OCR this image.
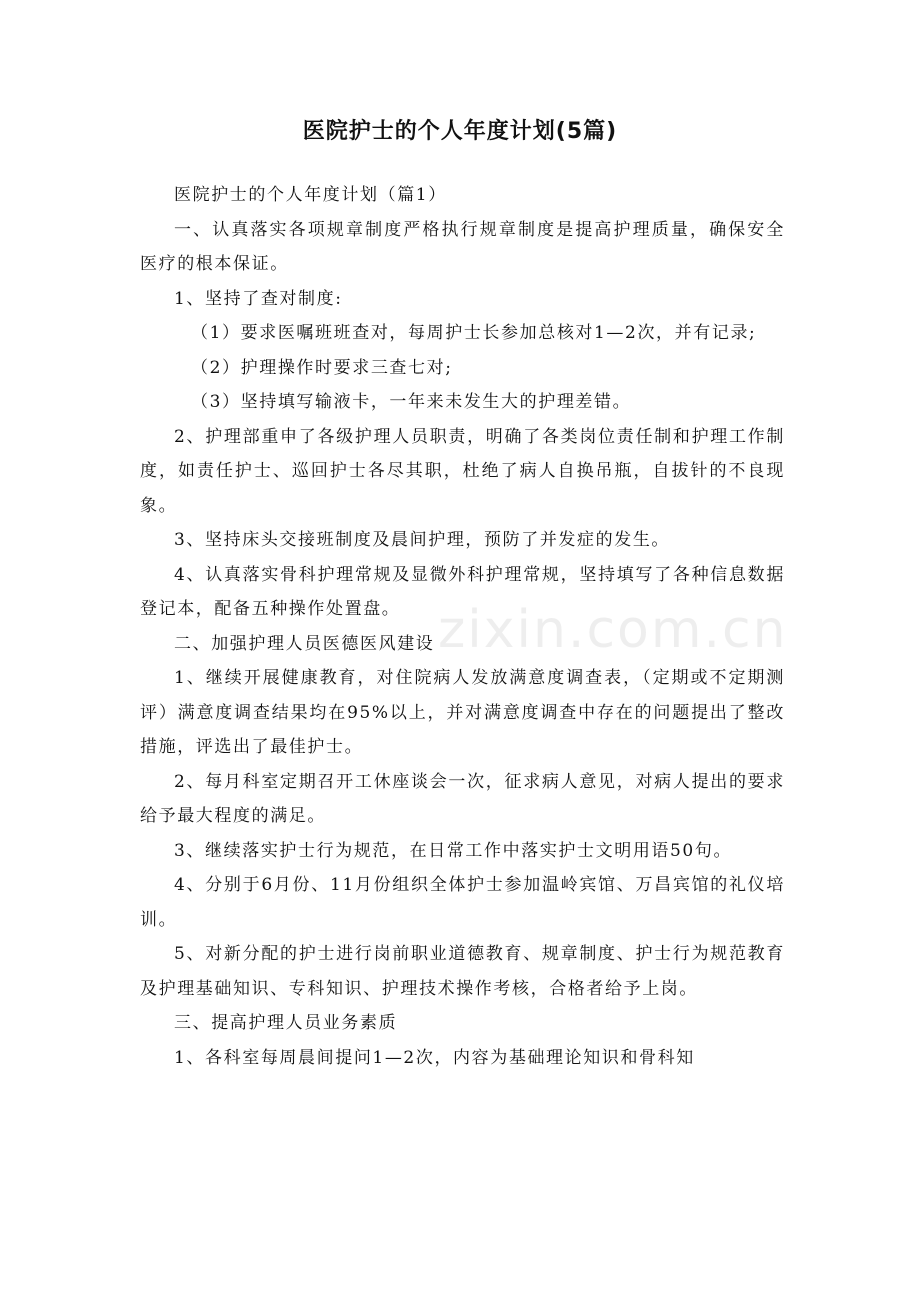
医院护士的个人年度计划(5篇)

医院护士的个人年度计划（篇1）

一、认真落实各项规章制度严格执行规章制度是提高护理质量，确保安全医疗的根本保证。

1、坚持了查对制度:

（1）要求医嘱班班查对，每周护士长参加总核对1—2次，并有记录;

（2）护理操作时要求三查七对;

（3）坚持填写输液卡，一年来未发生大的护理差错。

2、护理部重申了各级护理人员职责，明确了各类岗位责任制和护理工作制度，如责任护士、巡回护士各尽其职，杜绝了病人自换吊瓶，自拔针的不良现象。

3、坚持床头交接班制度及晨间护理，预防了并发症的发生。

4、认真落实骨科护理常规及显微外科护理常规，坚持填写了各种信息数据登记本，配备五种操作处置盘。

二、加强护理人员医德医风建设

1、继续开展健康教育，对住院病人发放满意度调查表，（定期或不定期测评）满意度调查结果均在95%以上，并对满意度调查中存在的问题提出了整改措施，评选出了最佳护士。

2、每月科室定期召开工休座谈会一次，征求病人意见，对病人提出的要求给予最大程度的满足。

3、继续落实护士行为规范，在日常工作中落实护士文明用语50句。

4、分别于6月份、11月份组织全体护士参加温岭宾馆、万昌宾馆的礼仪培训。

5、对新分配的护士进行岗前职业道德教育、规章制度、护士行为规范教育及护理基础知识、专科知识、护理技术操作考核，合格者给予上岗。

三、提高护理人员业务素质

1、各科室每周晨间提问1—2次，内容为基础理论知识和骨科知

zixin.com.cn
